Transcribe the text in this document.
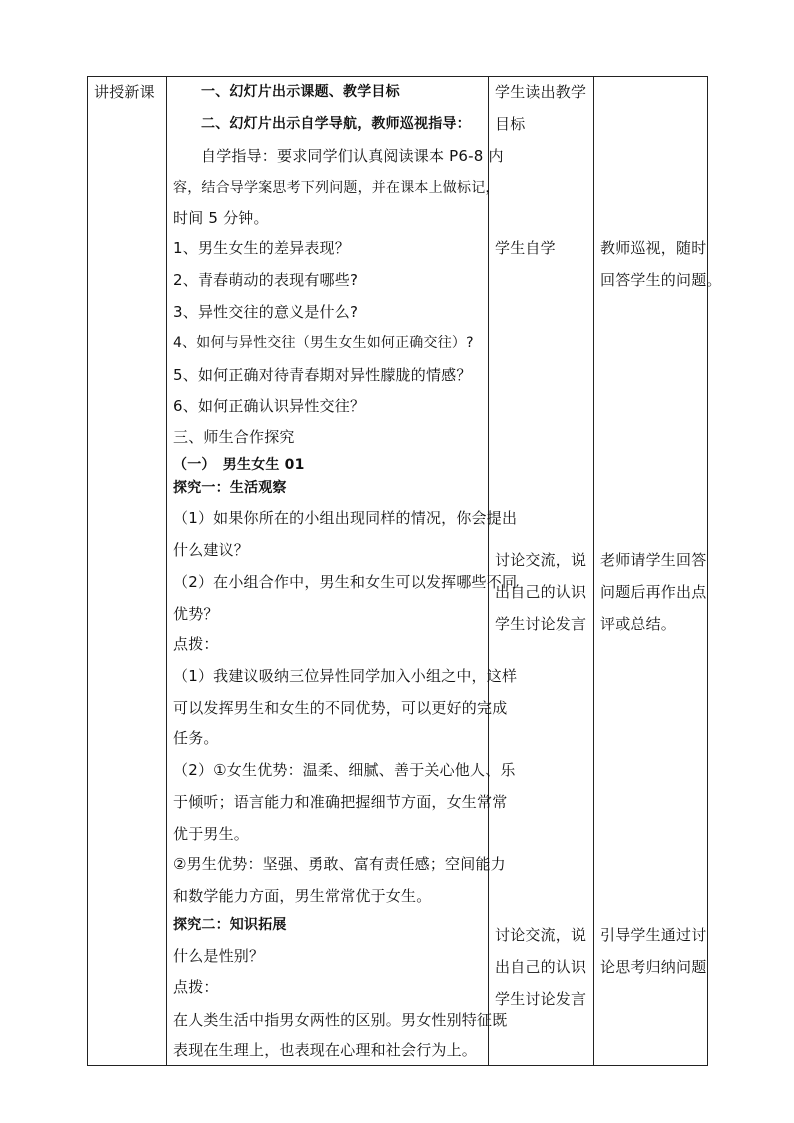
讲授新课	一、幻灯片出示课题、教学目标
二、幻灯片出示自学导航，教师巡视指导：
自学指导：要求同学们认真阅读课本 P6-8 内
容，结合导学案思考下列问题，并在课本上做标记，
时间 5 分钟。
1、男生女生的差异表现？
2、青春萌动的表现有哪些?
3、异性交往的意义是什么?
4、如何与异性交往（男生女生如何正确交往）?
5、如何正确对待青春期对异性朦胧的情感？
6、如何正确认识异性交往？
三、师生合作探究
（一）　男生女生 01
探究一：生活观察
（1）如果你所在的小组出现同样的情况，你会提出
什么建议？
（2）在小组合作中，男生和女生可以发挥哪些不同
优势？
点拨：
（1）我建议吸纳三位异性同学加入小组之中，这样
可以发挥男生和女生的不同优势，可以更好的完成
任务。
（2）①女生优势：温柔、细腻、善于关心他人、乐
于倾听；语言能力和准确把握细节方面，女生常常
优于男生。
②男生优势：坚强、勇敢、富有责任感；空间能力
和数学能力方面，男生常常优于女生。
探究二：知识拓展
什么是性别？
点拨：
在人类生活中指男女两性的区别。男女性别特征既
表现在生理上，也表现在心理和社会行为上。
学生读出教学
目标
学生自学
讨论交流，说
出自己的认识
学生讨论发言
讨论交流，说
出自己的认识
学生讨论发言
教师巡视，随时
回答学生的问题。
老师请学生回答
问题后再作出点
评或总结。
引导学生通过讨
论思考归纳问题
